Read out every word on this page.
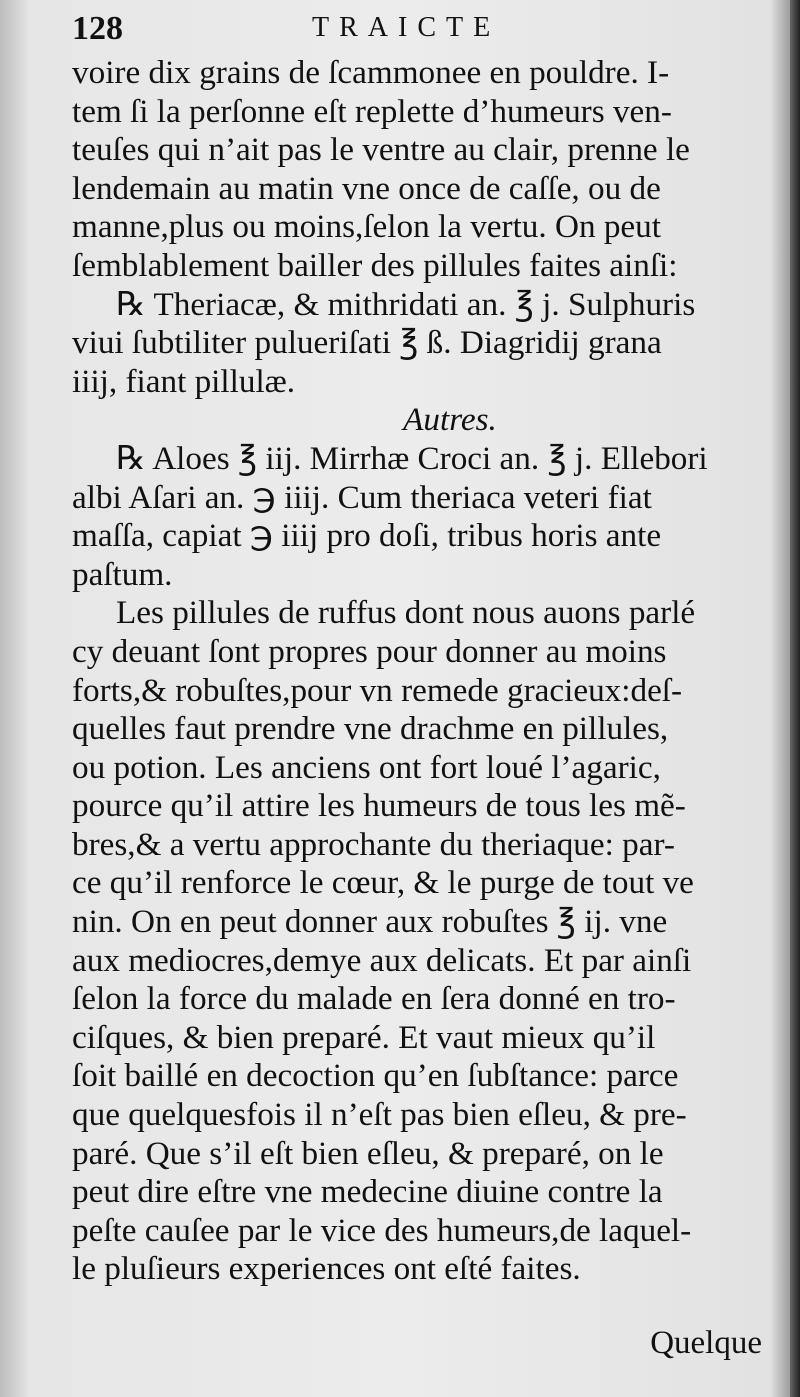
128	TRAICTE
voire dix grains de ſcammonee en pouldre. I-
tem ſi la perſonne eſt replette d’humeurs ven-
teuſes qui n’ait pas le ventre au clair, prenne le
lendemain au matin vne once de caſſe, ou de
manne,plus ou moins,ſelon la vertu. On peut
ſemblablement bailler des pillules faites ainſi:
℞ Theriacæ, & mithridati an. ℥ j. Sulphuris
viui ſubtiliter pulueriſati ℥ ß. Diagridij grana
iiij, fiant pillulæ.
Autres.
℞ Aloes ℥ iij. Mirrhæ Croci an. ℥ j. Ellebori
albi Aſari an. ℈ iiij. Cum theriaca veteri fiat
maſſa, capiat ℈ iiij pro doſi, tribus horis ante
paſtum.
Les pillules de ruffus dont nous auons parlé
cy deuant ſont propres pour donner au moins
forts,& robuſtes,pour vn remede gracieux:deſ-
quelles faut prendre vne drachme en pillules,
ou potion. Les anciens ont fort loué l’agaric,
pource qu’il attire les humeurs de tous les mẽ-
bres,& a vertu approchante du theriaque: par-
ce qu’il renforce le cœur, & le purge de tout ve
nin. On en peut donner aux robuſtes ℥ ij. vne
aux mediocres,demye aux delicats. Et par ainſi
ſelon la force du malade en ſera donné en tro-
ciſques, & bien preparé. Et vaut mieux qu’il
ſoit baillé en decoction qu’en ſubſtance: parce
que quelquesfois il n’eſt pas bien eſleu, & pre-
paré. Que s’il eſt bien eſleu, & preparé, on le
peut dire eſtre vne medecine diuine contre la
peſte cauſee par le vice des humeurs,de laquel-
le pluſieurs experiences ont eſté faites.
Quelque
